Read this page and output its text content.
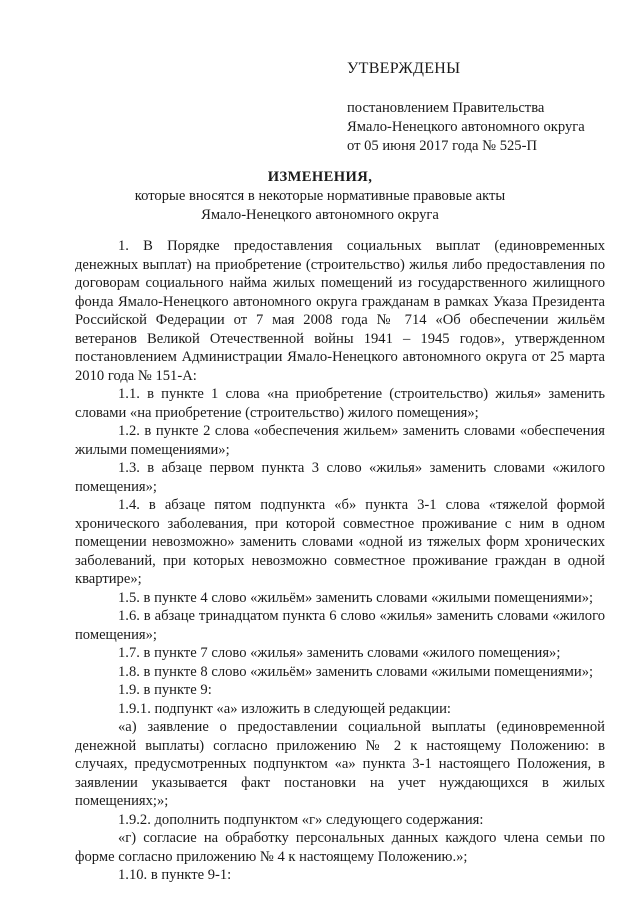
УТВЕРЖДЕНЫ
постановлением Правительства
Ямало-Ненецкого автономного округа
от 05 июня 2017 года № 525-П
ИЗМЕНЕНИЯ,
которые вносятся в некоторые нормативные правовые акты
Ямало-Ненецкого автономного округа

1. В Порядке предоставления социальных выплат (единовременных денежных выплат) на приобретение (строительство) жилья либо предоставления по договорам социального найма жилых помещений из государственного жилищного фонда Ямало-Ненецкого автономного округа гражданам в рамках Указа Президента Российской Федерации от 7 мая 2008 года № 714 «Об обеспечении жильём ветеранов Великой Отечественной войны 1941 – 1945 годов», утвержденном постановлением Администрации Ямало-Ненецкого автономного округа от 25 марта 2010 года № 151-А:

1.1. в пункте 1 слова «на приобретение (строительство) жилья» заменить словами «на приобретение (строительство) жилого помещения»;

1.2. в пункте 2 слова «обеспечения жильем» заменить словами «обеспечения жилыми помещениями»;

1.3. в абзаце первом пункта 3 слово «жилья» заменить словами «жилого помещения»;

1.4. в абзаце пятом подпункта «б» пункта 3-1 слова «тяжелой формой хронического заболевания, при которой совместное проживание с ним в одном помещении невозможно» заменить словами «одной из тяжелых форм хронических заболеваний, при которых невозможно совместное проживание граждан в одной квартире»;

1.5. в пункте 4 слово «жильём» заменить словами «жилыми помещениями»;

1.6. в абзаце тринадцатом пункта 6 слово «жилья» заменить словами «жилого помещения»;

1.7. в пункте 7 слово «жилья» заменить словами «жилого помещения»;

1.8. в пункте 8 слово «жильём» заменить словами «жилыми помещениями»;

1.9. в пункте 9:

1.9.1. подпункт «а» изложить в следующей редакции:

«а) заявление о предоставлении социальной выплаты (единовременной денежной выплаты) согласно приложению № 2 к настоящему Положению: в случаях, предусмотренных подпунктом «а» пункта 3-1 настоящего Положения, в заявлении указывается факт постановки на учет нуждающихся в жилых помещениях;»;

1.9.2. дополнить подпунктом «г» следующего содержания:

«г) согласие на обработку персональных данных каждого члена семьи по форме согласно приложению № 4 к настоящему Положению.»;

1.10. в пункте 9-1:
